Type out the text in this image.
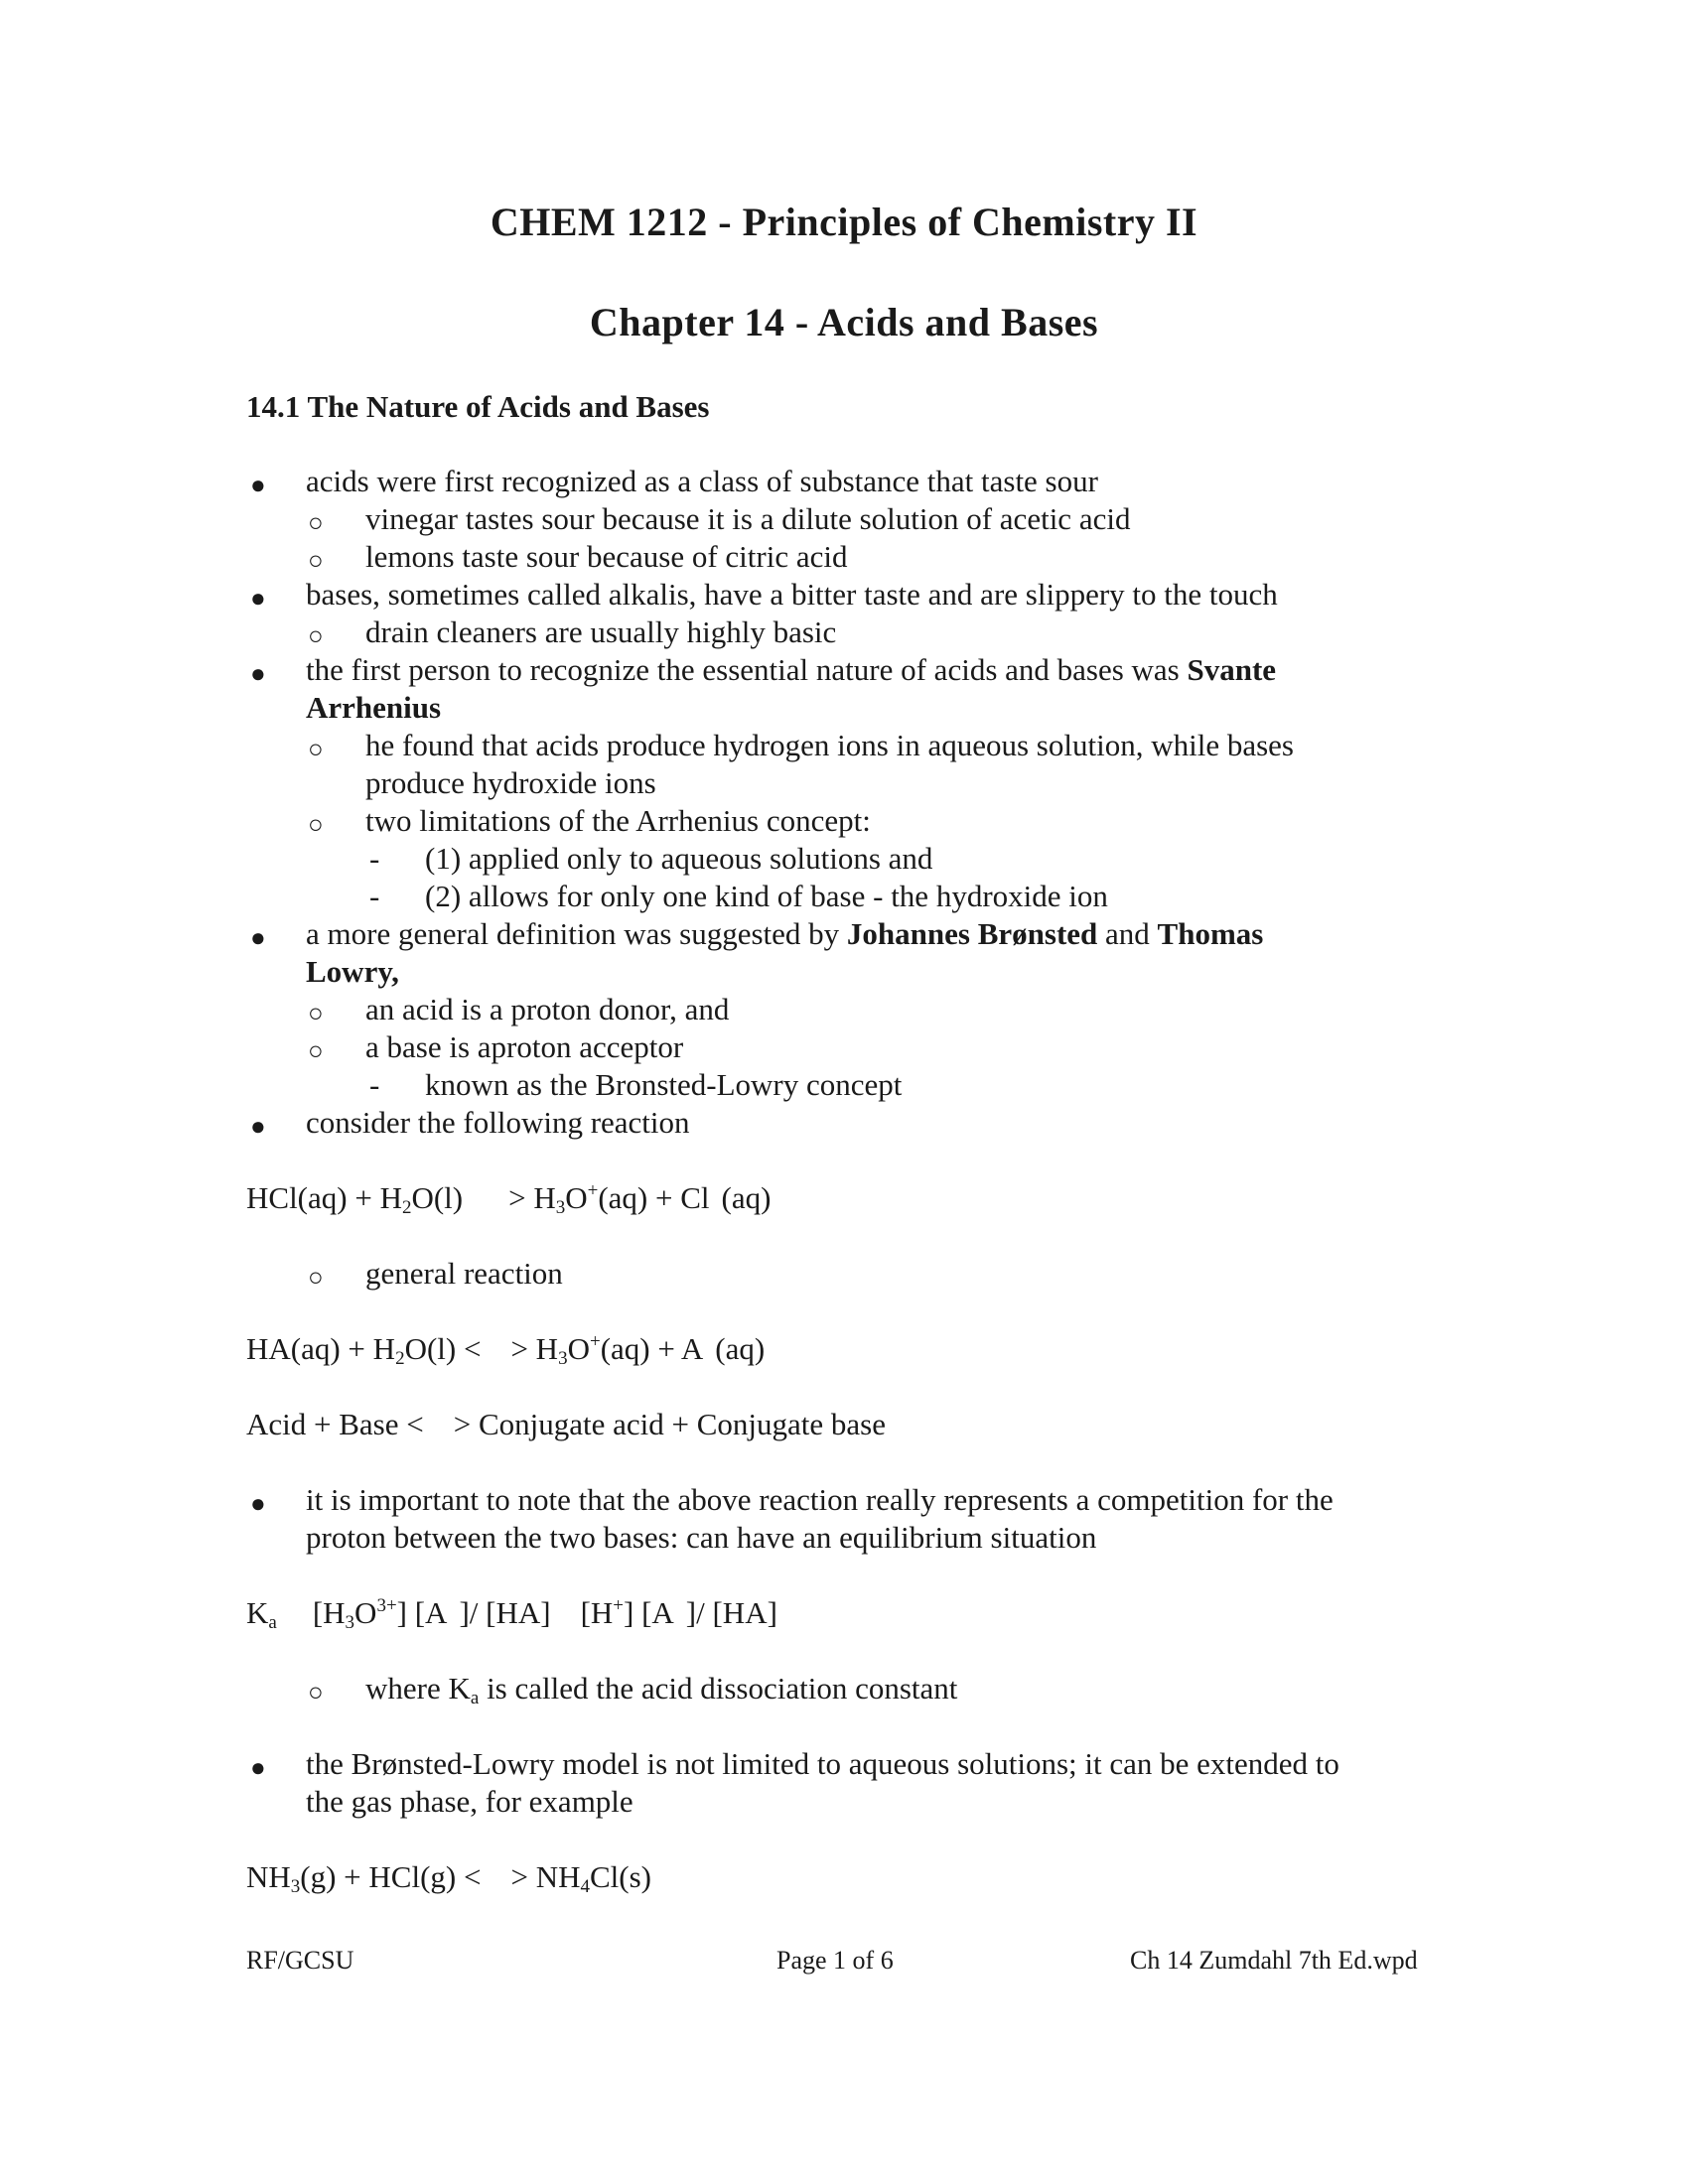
CHEM 1212 - Principles of Chemistry II
Chapter 14 - Acids and Bases
14.1 The Nature of Acids and Bases
● acids were first recognized as a class of substance that taste sour
○ vinegar tastes sour because it is a dilute solution of acetic acid
○ lemons taste sour because of citric acid
● bases, sometimes called alkalis, have a bitter taste and are slippery to the touch
○ drain cleaners are usually highly basic
● the first person to recognize the essential nature of acids and bases was Svante
Arrhenius
○ he found that acids produce hydrogen ions in aqueous solution, while bases
produce hydroxide ions
○ two limitations of the Arrhenius concept:
- (1) applied only to aqueous solutions and
- (2) allows for only one kind of base - the hydroxide ion
● a more general definition was suggested by Johannes Brønsted and Thomas
Lowry,
○ an acid is a proton donor, and
○ a base is aproton acceptor
- known as the Bronsted-Lowry concept
● consider the following reaction
$HCl(aq) + H_2O(l) > H_3O^+(aq) + Cl$ (aq)
○ general reaction
$HA(aq) + H_2O(l)$ < > $H_3O^+(aq) + A$ (aq)
Acid + Base < > Conjugate acid + Conjugate base
● it is important to note that the above reaction really represents a competition for the
proton between the two bases: can have an equilibrium situation
$K_a$ $[H_3O^{3+}]$ [A ]/ [HA] [H+] [A ]/ [HA]
○ where $K_a$ is called the acid dissociation constant
● the Brønsted-Lowry model is not limited to aqueous solutions; it can be extended to
the gas phase, for example
$NH_3(g) + HCl(g)$ < > $NH_4Cl(s)$
RF/GCSU	Page 1 of 6	Ch 14 Zumdahl 7th Ed.wpd
